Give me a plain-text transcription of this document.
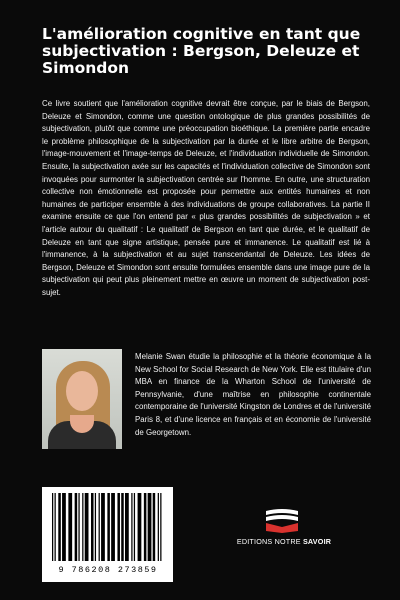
L'amélioration cognitive en tant que subjectivation : Bergson, Deleuze et Simondon

Ce livre soutient que l'amélioration cognitive devrait être conçue, par le biais de Bergson, Deleuze et Simondon, comme une question ontologique de plus grandes possibilités de subjectivation, plutôt que comme une préoccupation bioéthique. La première partie encadre le problème philosophique de la subjectivation par la durée et le libre arbitre de Bergson, l'image-mouvement et l'image-temps de Deleuze, et l'individuation individuelle de Simondon. Ensuite, la subjectivation axée sur les capacités et l'individuation collective de Simondon sont invoquées pour surmonter la subjectivation centrée sur l'homme. En outre, une structuration collective non émotionnelle est proposée pour permettre aux entités humaines et non humaines de participer ensemble à des individuations de groupe collaboratives. La partie II examine ensuite ce que l'on entend par « plus grandes possibilités de subjectivation » et l'article autour du qualitatif : Le qualitatif de Bergson en tant que durée, et le qualitatif de Deleuze en tant que signe artistique, pensée pure et immanence. Le qualitatif est lié à l'immanence, à la subjectivation et au sujet transcendantal de Deleuze. Les idées de Bergson, Deleuze et Simondon sont ensuite formulées ensemble dans une image pure de la subjectivation qui peut plus pleinement mettre en œuvre un moment de subjectivation post-sujet.

Melanie Swan étudie la philosophie et la théorie économique à la New School for Social Research de New York. Elle est titulaire d'un MBA en finance de la Wharton School de l'université de Pennsylvanie, d'une maîtrise en philosophie continentale contemporaine de l'université Kingston de Londres et de l'université Paris 8, et d'une licence en français et en économie de l'université de Georgetown.

9 786208 273859
EDITIONS NOTRE SAVOIR
